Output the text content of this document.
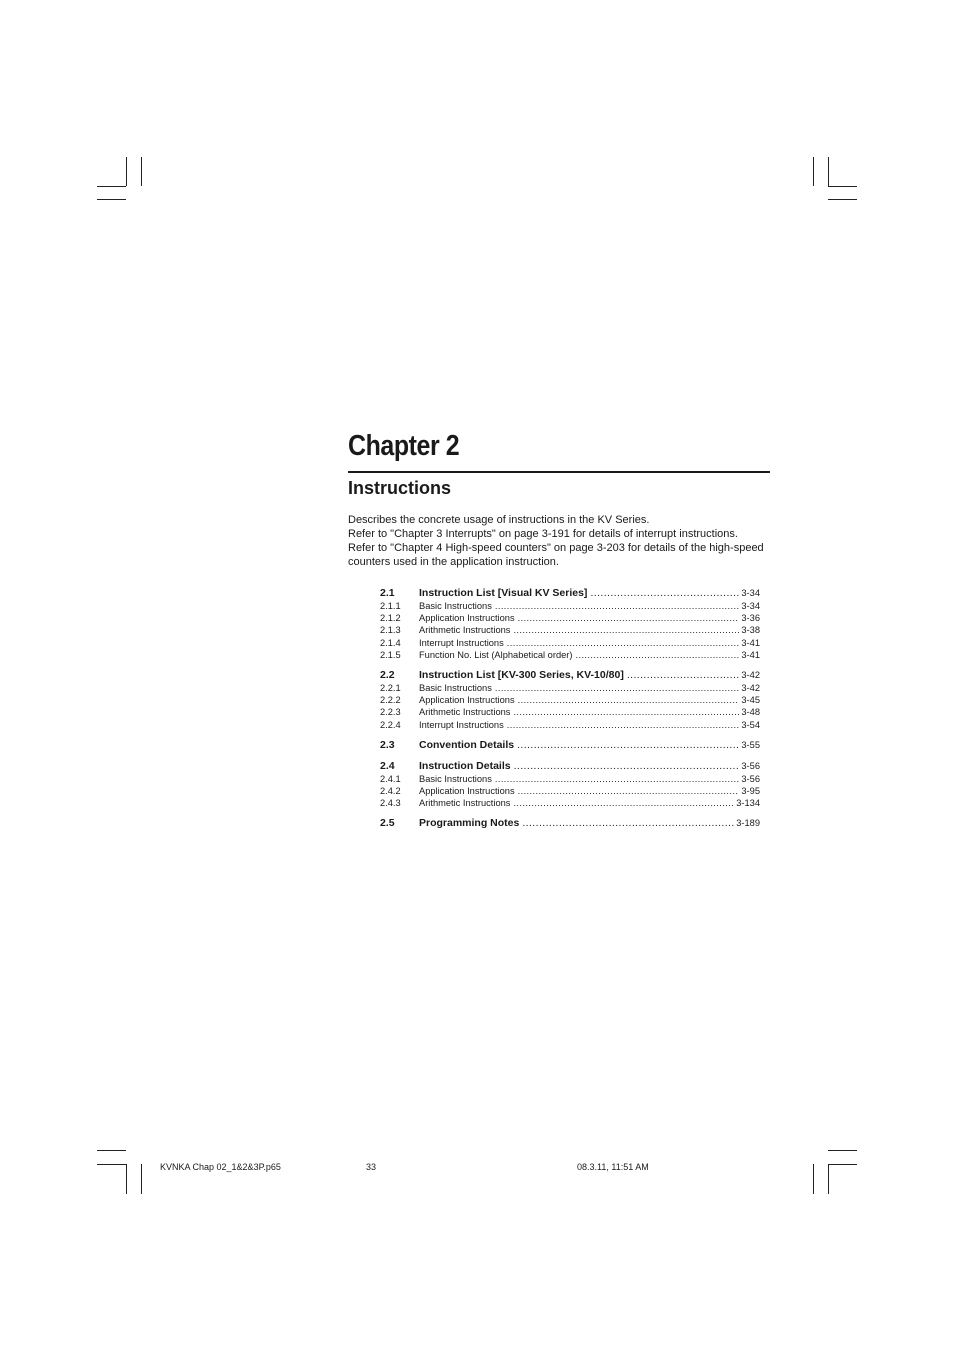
Chapter 2
Instructions

Describes the concrete usage of instructions in the KV Series.

Refer to "Chapter 3 Interrupts" on page 3-191 for details of interrupt instructions.

Refer to "Chapter 4 High-speed counters" on page 3-203 for details of the high-speed counters used in the application instruction.

2.1	Instruction List [Visual KV Series] .....	3-34
2.1.1	Basic Instructions .....	3-34
2.1.2	Application Instructions .....	3-36
2.1.3	Arithmetic Instructions .....	3-38
2.1.4	Interrupt Instructions .....	3-41
2.1.5	Function No. List (Alphabetical order) .....	3-41
2.2	Instruction List [KV-300 Series, KV-10/80] .....	3-42
2.2.1	Basic Instructions .....	3-42
2.2.2	Application Instructions .....	3-45
2.2.3	Arithmetic Instructions .....	3-48
2.2.4	Interrupt Instructions .....	3-54
2.3	Convention Details .....	3-55
2.4	Instruction Details .....	3-56
2.4.1	Basic Instructions .....	3-56
2.4.2	Application Instructions .....	3-95
2.4.3	Arithmetic Instructions .....	3-134
2.5	Programming Notes .....	3-189
KVNKA Chap 02_1&2&3P.p65	33	08.3.11, 11:51 AM
